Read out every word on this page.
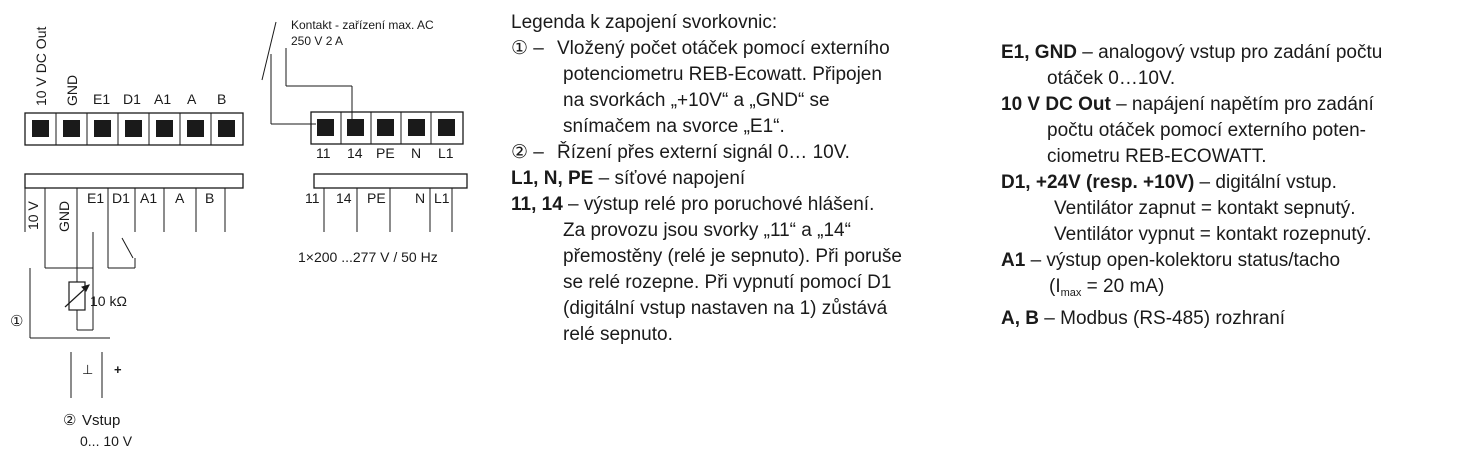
10 V DC Out GND E1 D1 A1 A B
10 V GND
E1 D1 A1 A B
10 kΩ
①
⊥ +
② Vstup
0... 10 V
Kontakt - zařízení max. AC
250 V 2 A
11 14 PE N L1
11 14 PE N L1
1×200 ...277 V / 50 Hz
Legenda k zapojení svorkovnic:
① – Vložený počet otáček pomocí externího
potenciometru REB-Ecowatt. Připojen
na svorkách „+10V“ a „GND“ se
snímačem na svorce „E1“.
② – Řízení přes externí signál 0… 10V.
L1, N, PE – síťové napojení
11, 14 – výstup relé pro poruchové hlášení.
Za provozu jsou svorky „11“ a „14“
přemostěny (relé je sepnuto). Při poruše
se relé rozepne. Při vypnutí pomocí D1
(digitální vstup nastaven na 1) zůstává
relé sepnuto.
E1, GND – analogový vstup pro zadání počtu
otáček 0…10V.
10 V DC Out – napájení napětím pro zadání
počtu otáček pomocí externího poten-
ciometru REB-ECOWATT.
D1, +24V (resp. +10V) – digitální vstup.
Ventilátor zapnut = kontakt sepnutý.
Ventilátor vypnut = kontakt rozepnutý.
A1 – výstup open-kolektoru status/tacho
($I_{max} = 20$ mA)
A, B – Modbus (RS-485) rozhraní
